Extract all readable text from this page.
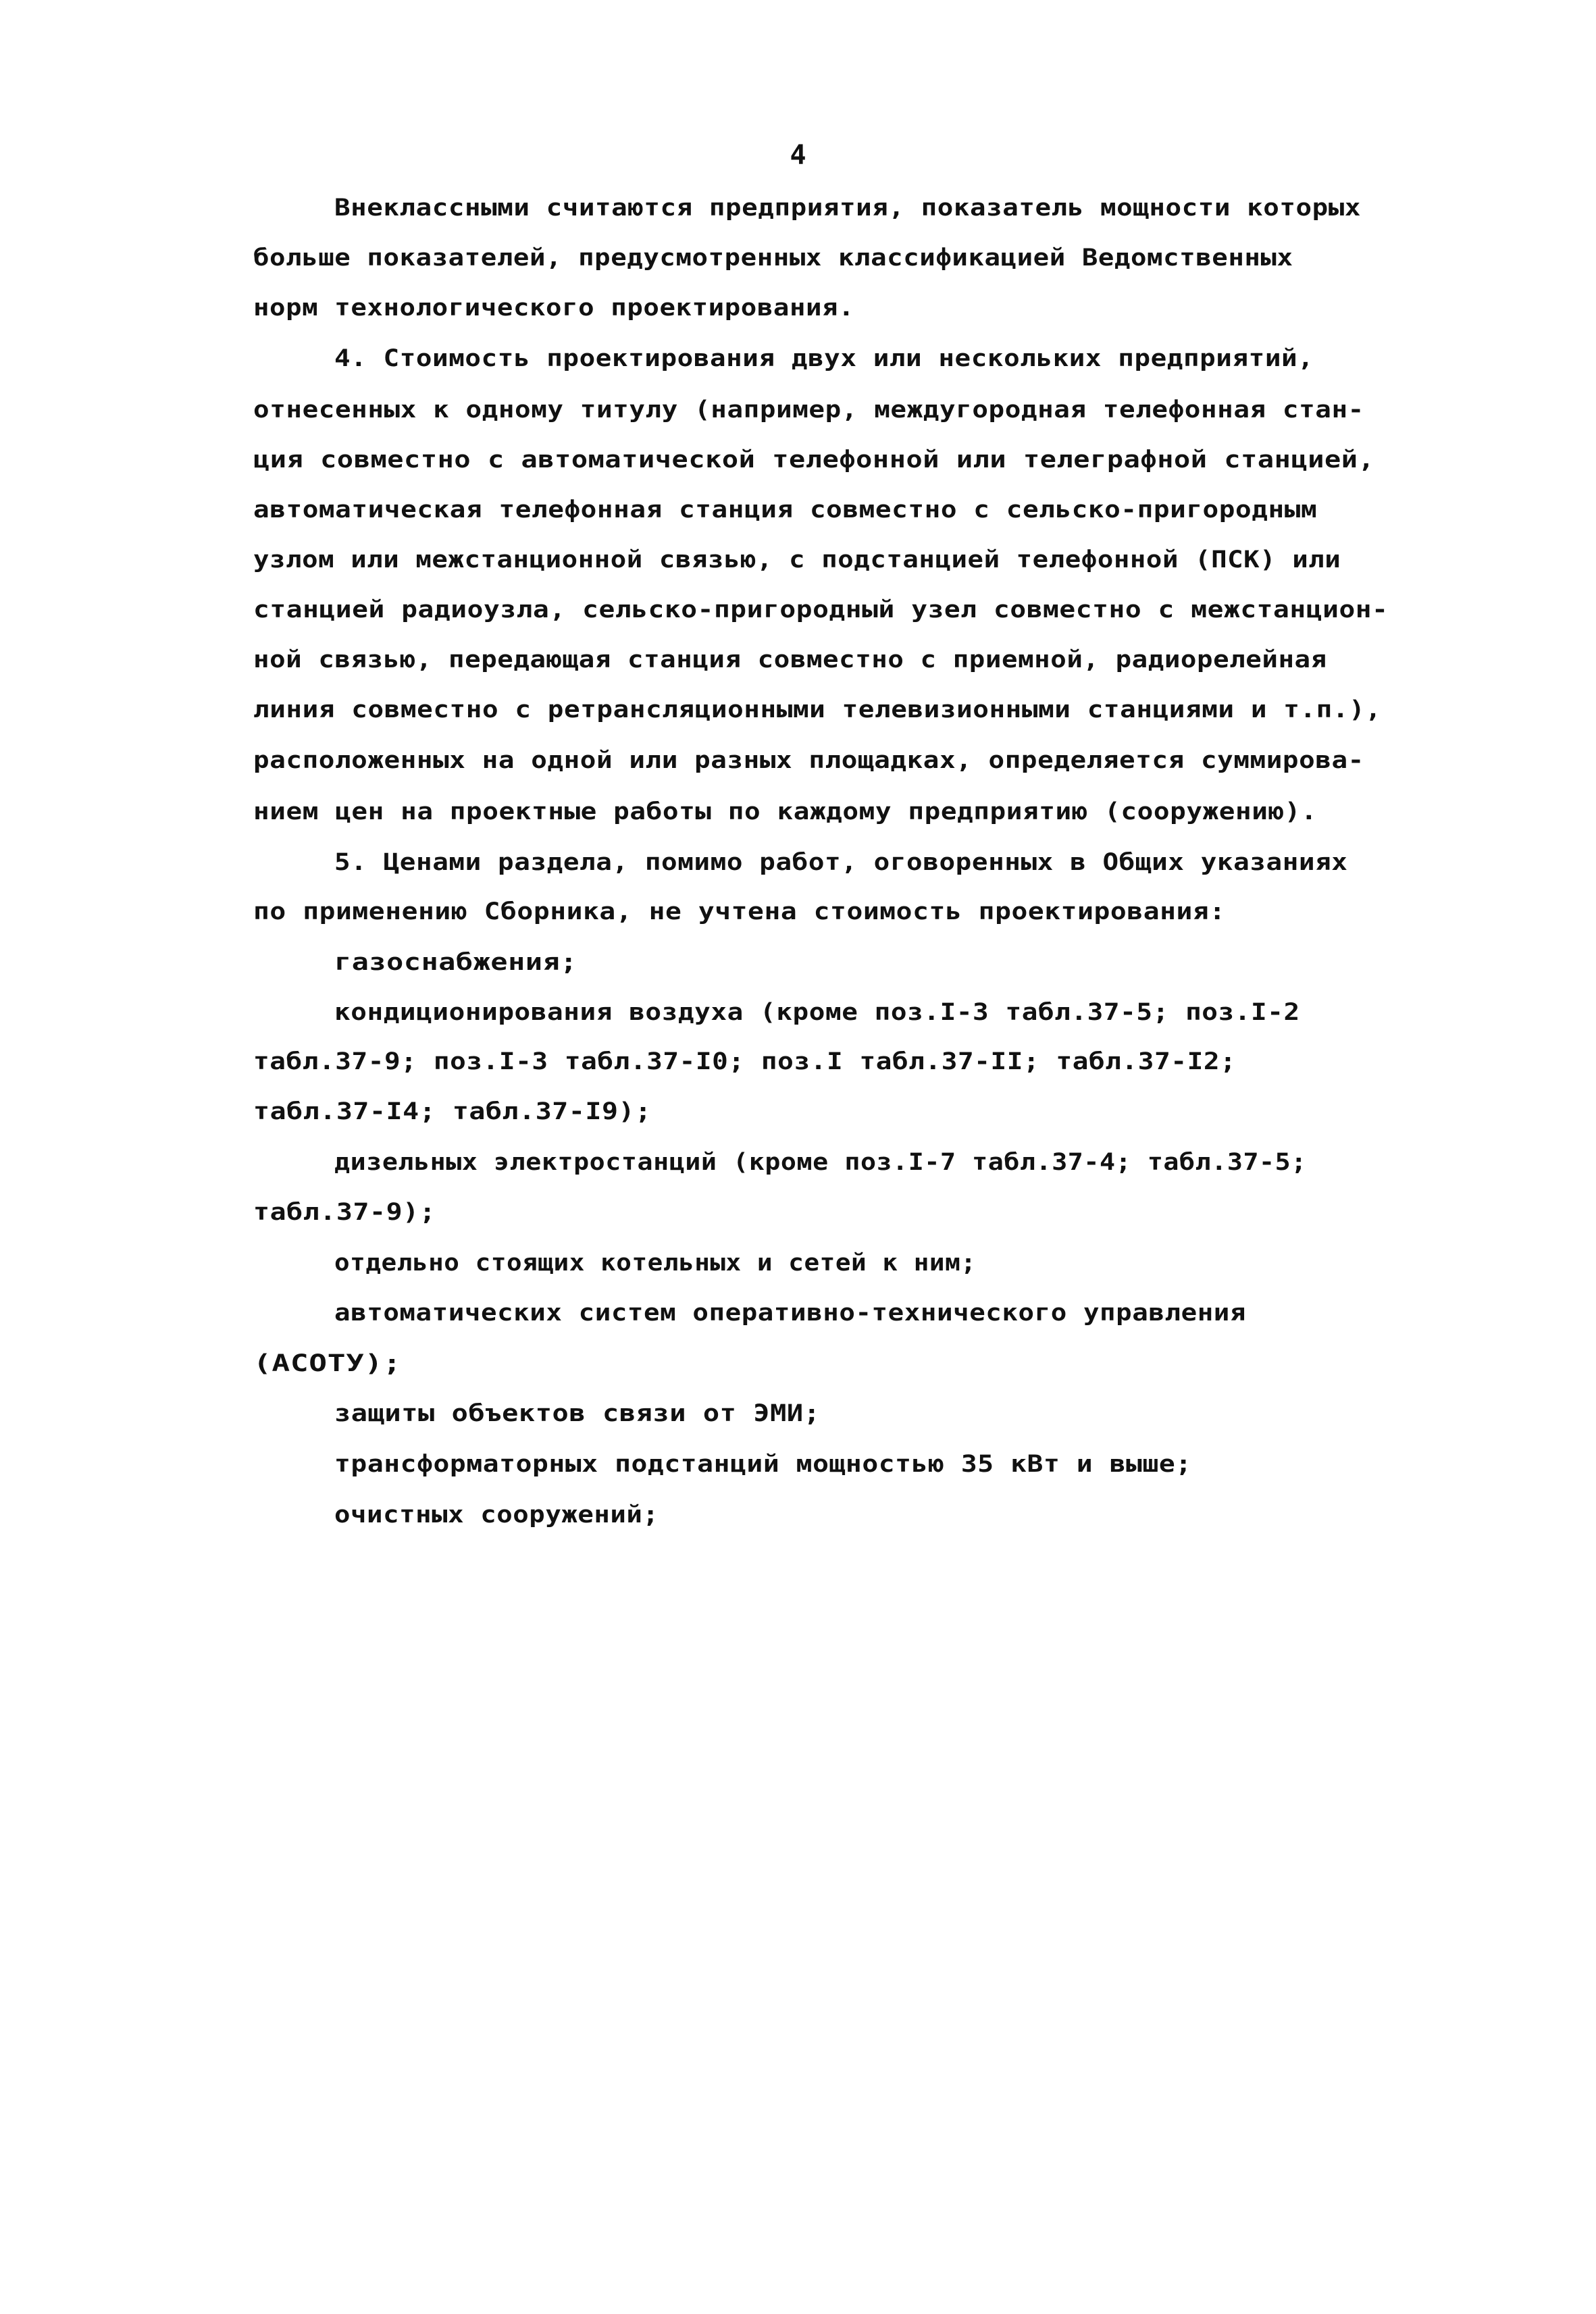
4
Внеклассными считаются предприятия, показатель мощности которых
больше показателей, предусмотренных классификацией Ведомственных
норм технологического проектирования.
4. Стоимость проектирования двух или нескольких предприятий,
отнесенных к одному титулу (например, междугородная телефонная стан-
ция совместно с автоматической телефонной или телеграфной станцией,
автоматическая телефонная станция совместно с сельско-пригородным
узлом или межстанционной связью, с подстанцией телефонной (ПСК) или
станцией радиоузла, сельско-пригородный узел совместно с межстанцион-
ной связью, передающая станция совместно с приемной, радиорелейная
линия совместно с ретрансляционными телевизионными станциями и т.п.),
расположенных на одной или разных площадках, определяется суммирова-
нием цен на проектные работы по каждому предприятию (сооружению).
5. Ценами раздела, помимо работ, оговоренных в Общих указаниях
по применению Сборника, не учтена стоимость проектирования:
газоснабжения;
кондиционирования воздуха (кроме поз.I-3 табл.37-5; поз.I-2
табл.37-9; поз.I-3 табл.37-I0; поз.I табл.37-II; табл.37-I2;
табл.37-I4; табл.37-I9);
дизельных электростанций (кроме поз.I-7 табл.37-4; табл.37-5;
табл.37-9);
отдельно стоящих котельных и сетей к ним;
автоматических систем оперативно-технического управления
(АСОТУ);
защиты объектов связи от ЭМИ;
трансформаторных подстанций мощностью 35 кВт и выше;
очистных сооружений;
